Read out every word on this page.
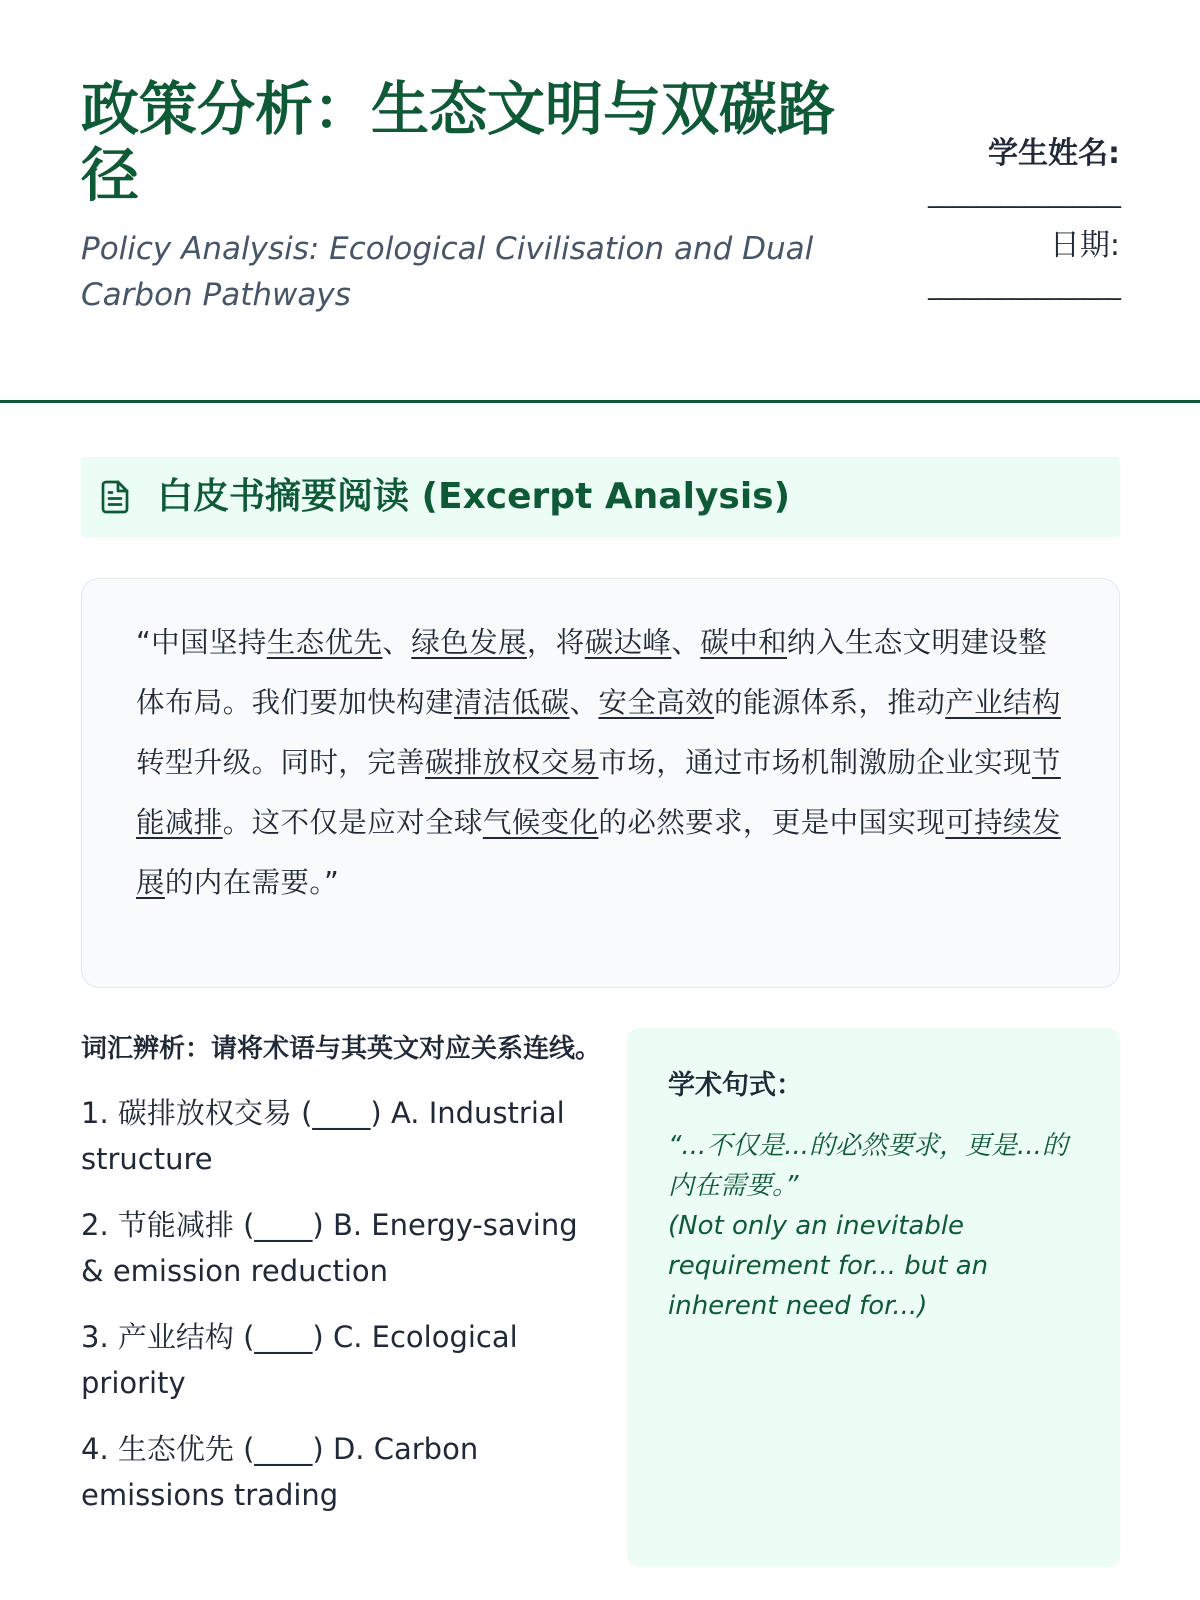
政策分析：生态文明与双碳路径

Policy Analysis: Ecological Civilisation and Dual Carbon Pathways

学生姓名:
________________
日期:
________________
白皮书摘要阅读 (Excerpt Analysis)

“中国坚持生态优先、绿色发展，将碳达峰、碳中和纳入生态文明建设整体布局。我们要加快构建清洁低碳、安全高效的能源体系，推动产业结构转型升级。同时，完善碳排放权交易市场，通过市场机制激励企业实现节能减排。这不仅是应对全球气候变化的必然要求，更是中国实现可持续发展的内在需要。”

词汇辨析：请将术语与其英文对应关系连线。

1. 碳排放权交易 (____) A. Industrial structure

2. 节能减排 (____) B. Energy-saving & emission reduction

3. 产业结构 (____) C. Ecological priority

4. 生态优先 (____) D. Carbon emissions trading

学术句式：

“...不仅是...的必然要求，更是...的内在需要。”
(Not only an inevitable requirement for... but an inherent need for...)
